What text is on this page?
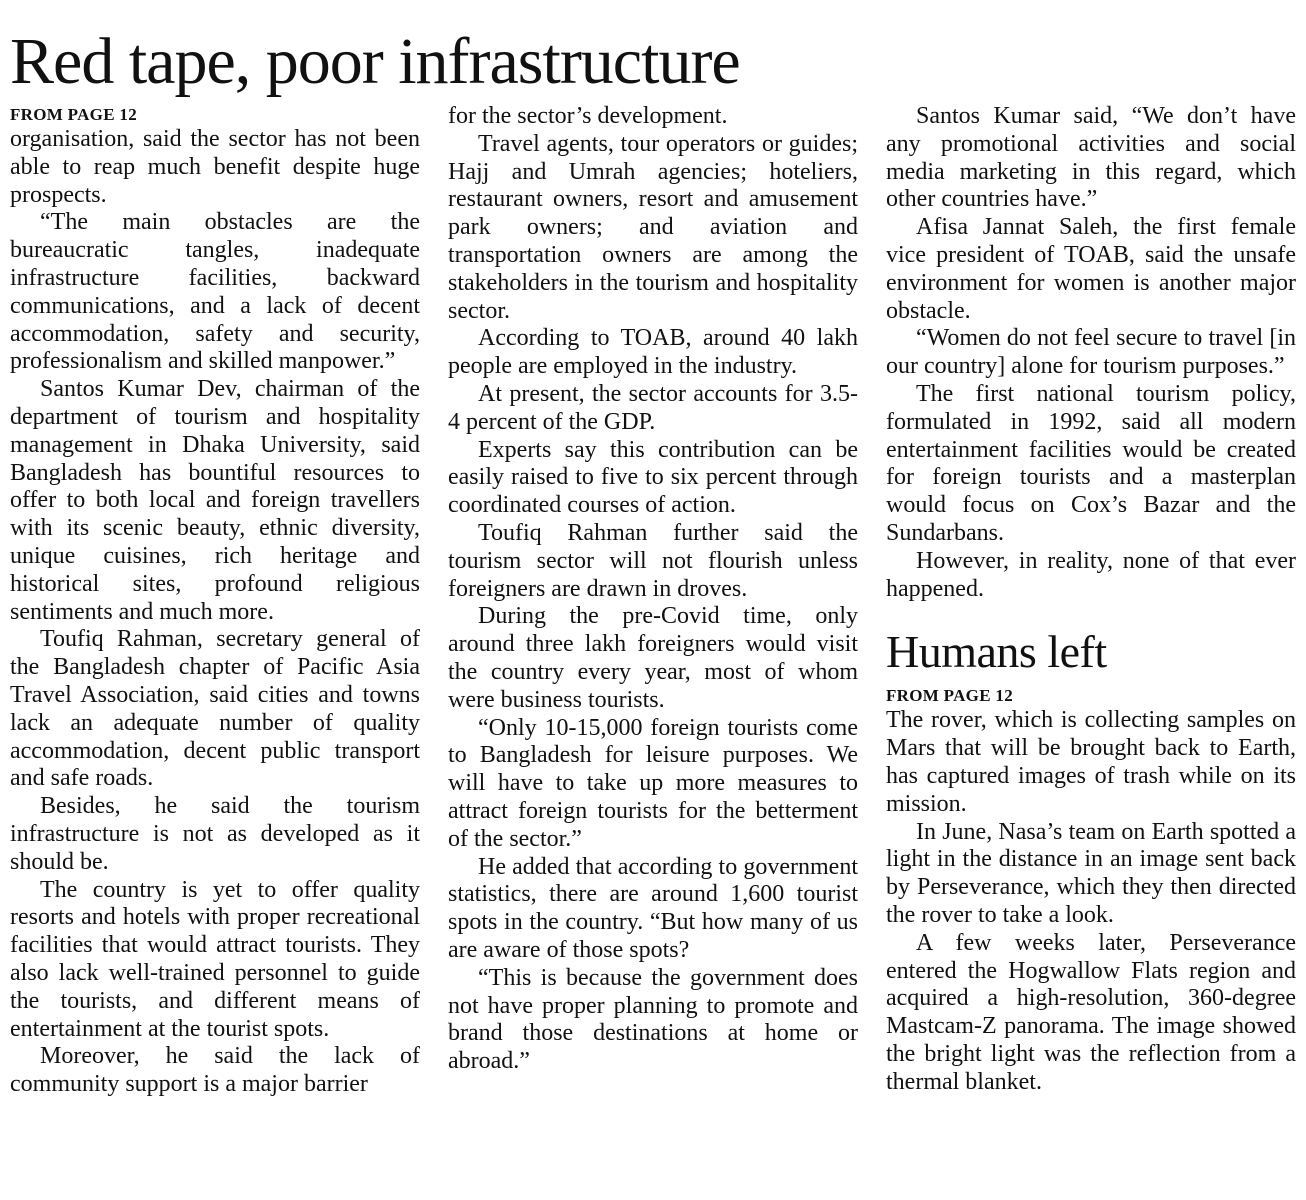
Red tape, poor infrastructure
FROM PAGE 12

organisation, said the sector has not been able to reap much benefit despite huge prospects.

“The main obstacles are the bureaucratic tangles, inadequate infrastructure facilities, backward communications, and a lack of decent accommodation, safety and security, professionalism and skilled manpower.”

Santos Kumar Dev, chairman of the department of tourism and hospitality management in Dhaka University, said Bangladesh has bountiful resources to offer to both local and foreign travellers with its scenic beauty, ethnic diversity, unique cuisines, rich heritage and historical sites, profound religious sentiments and much more.

Toufiq Rahman, secretary general of the Bangladesh chapter of Pacific Asia Travel Association, said cities and towns lack an adequate number of quality accommodation, decent public transport and safe roads.

Besides, he said the tourism infrastructure is not as developed as it should be.

The country is yet to offer quality resorts and hotels with proper recreational facilities that would attract tourists. They also lack well-trained personnel to guide the tourists, and different means of entertainment at the tourist spots.

Moreover, he said the lack of community support is a major barrier

for the sector’s development.

Travel agents, tour operators or guides; Hajj and Umrah agencies; hoteliers, restaurant owners, resort and amusement park owners; and aviation and transportation owners are among the stakeholders in the tourism and hospitality sector.

According to TOAB, around 40 lakh people are employed in the industry.

At present, the sector accounts for 3.5-4 percent of the GDP.

Experts say this contribution can be easily raised to five to six percent through coordinated courses of action.

Toufiq Rahman further said the tourism sector will not flourish unless foreigners are drawn in droves.

During the pre-Covid time, only around three lakh foreigners would visit the country every year, most of whom were business tourists.

“Only 10-15,000 foreign tourists come to Bangladesh for leisure purposes. We will have to take up more measures to attract foreign tourists for the betterment of the sector.”

He added that according to government statistics, there are around 1,600 tourist spots in the country. “But how many of us are aware of those spots?

“This is because the government does not have proper planning to promote and brand those destinations at home or abroad.”

Santos Kumar said, “We don’t have any promotional activities and social media marketing in this regard, which other countries have.”

Afisa Jannat Saleh, the first female vice president of TOAB, said the unsafe environment for women is another major obstacle.

“Women do not feel secure to travel [in our country] alone for tourism purposes.”

The first national tourism policy, formulated in 1992, said all modern entertainment facilities would be created for foreign tourists and a masterplan would focus on Cox’s Bazar and the Sundarbans.

However, in reality, none of that ever happened.

Humans left
FROM PAGE 12

The rover, which is collecting samples on Mars that will be brought back to Earth, has captured images of trash while on its mission.

In June, Nasa’s team on Earth spotted a light in the distance in an image sent back by Perseverance, which they then directed the rover to take a look.

A few weeks later, Perseverance entered the Hogwallow Flats region and acquired a high-resolution, 360-degree Mastcam-Z panorama. The image showed the bright light was the reflection from a thermal blanket.
